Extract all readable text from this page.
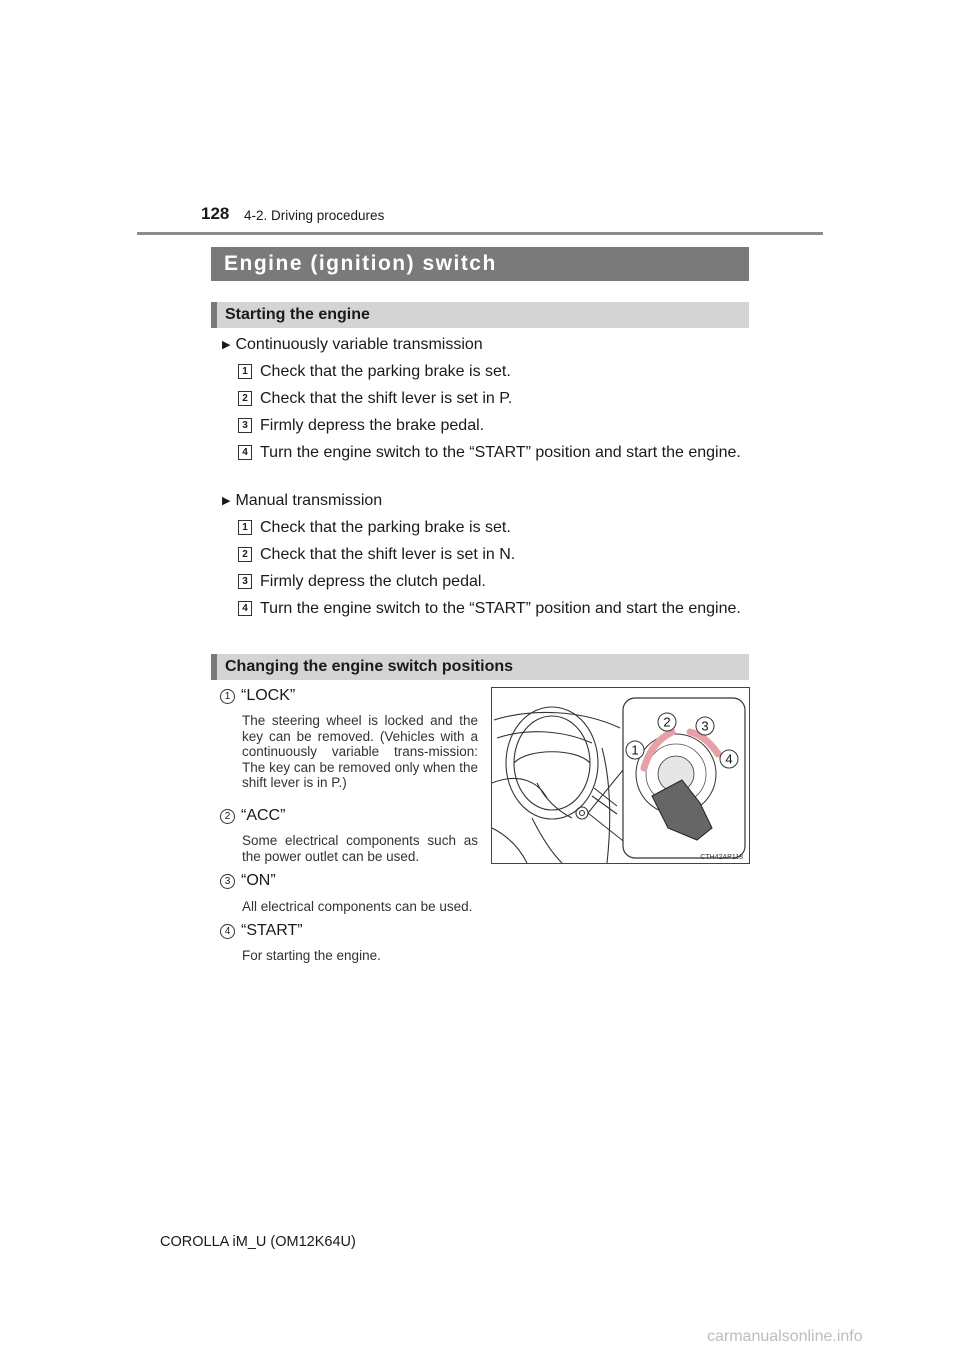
128 4-2. Driving procedures
Engine (ignition) switch
Starting the engine
▶ Continuously variable transmission
1 Check that the parking brake is set.
2 Check that the shift lever is set in P.
3 Firmly depress the brake pedal.
4 Turn the engine switch to the “START” position and start the engine.
▶ Manual transmission
1 Check that the parking brake is set.
2 Check that the shift lever is set in N.
3 Firmly depress the clutch pedal.
4 Turn the engine switch to the “START” position and start the engine.
Changing the engine switch positions
1 “LOCK”
The steering wheel is locked and the key can be removed. (Vehicles with a continuously variable trans-mission: The key can be removed only when the shift lever is in P.)
2 “ACC”
Some electrical components such as the power outlet can be used.
3 “ON”
All electrical components can be used.
4 “START”
For starting the engine.
1
2 3
4
CTH42AP118
COROLLA iM_U (OM12K64U)
carmanualsonline.info
